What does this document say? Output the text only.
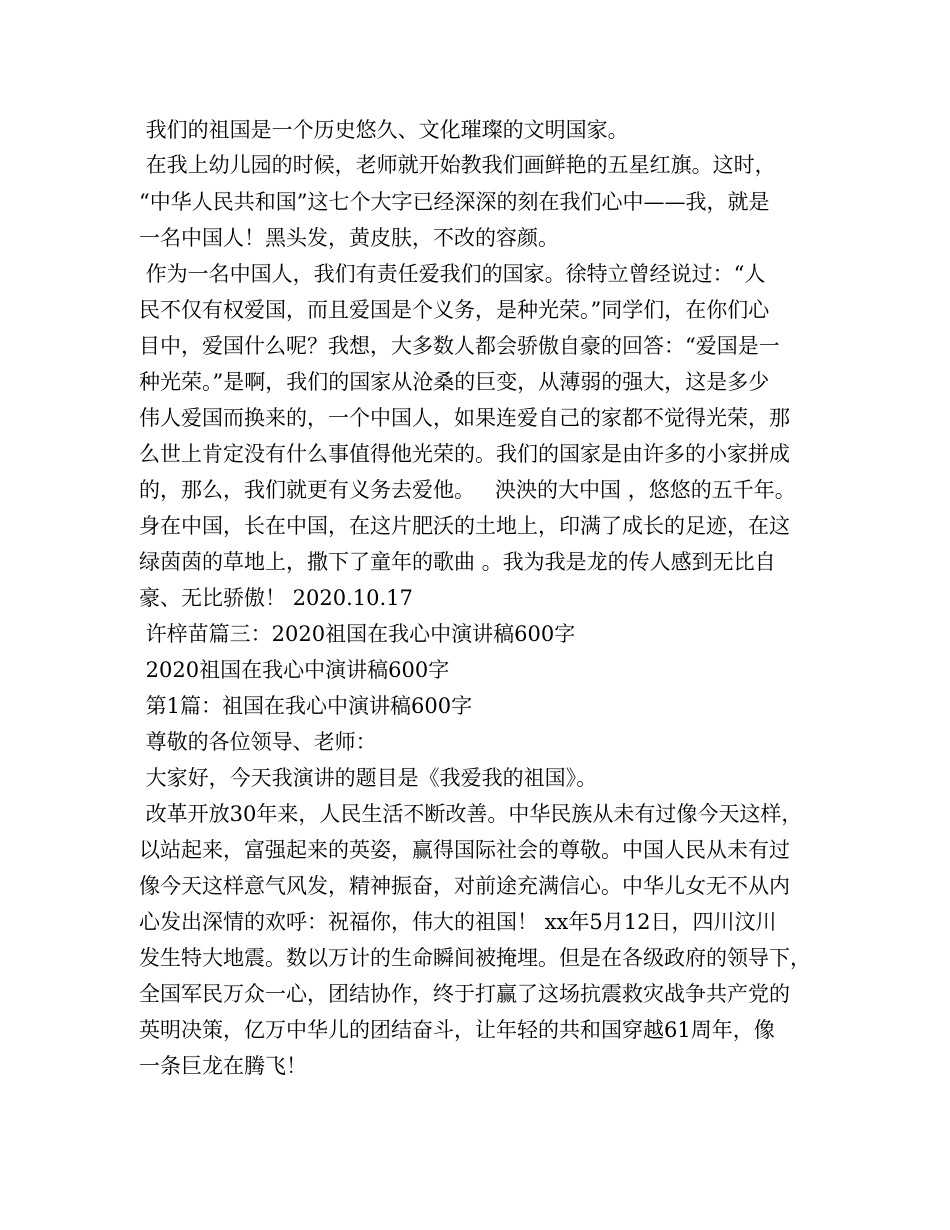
我们的祖国是一个历史悠久、文化璀璨的文明国家。
在我上幼儿园的时候，老师就开始教我们画鲜艳的五星红旗。这时，
“中华人民共和国”这七个大字已经深深的刻在我们心中——我，就是
一名中国人！黑头发，黄皮肤，不改的容颜。
作为一名中国人，我们有责任爱我们的国家。徐特立曾经说过：“人
民不仅有权爱国，而且爱国是个义务，是种光荣。”同学们，在你们心
目中，爱国什么呢？我想，大多数人都会骄傲自豪的回答：“爱国是一
种光荣。”是啊，我们的国家从沧桑的巨变，从薄弱的强大，这是多少
伟人爱国而换来的，一个中国人，如果连爱自己的家都不觉得光荣，那
么世上肯定没有什么事值得他光荣的。我们的国家是由许多的小家拼成
的，那么，我们就更有义务去爱他。   泱泱的大中国 ，悠悠的五千年。
身在中国，长在中国，在这片肥沃的土地上，印满了成长的足迹，在这
绿茵茵的草地上，撒下了童年的歌曲 。我为我是龙的传人感到无比自
豪、无比骄傲！ 2020.10.17
许梓苗篇三：2020祖国在我心中演讲稿600字
2020祖国在我心中演讲稿600字
第1篇：祖国在我心中演讲稿600字
尊敬的各位领导、老师：
大家好，今天我演讲的题目是《我爱我的祖国》。
改革开放30年来，人民生活不断改善。中华民族从未有过像今天这样，
以站起来，富强起来的英姿，赢得国际社会的尊敬。中国人民从未有过
像今天这样意气风发，精神振奋，对前途充满信心。中华儿女无不从内
心发出深情的欢呼：祝福你，伟大的祖国！ xx年5月12日，四川汶川
发生特大地震。数以万计的生命瞬间被掩埋。但是在各级政府的领导下，
全国军民万众一心，团结协作，终于打赢了这场抗震救灾战争共产党的
英明决策，亿万中华儿的团结奋斗，让年轻的共和国穿越61周年，像
一条巨龙在腾飞！
